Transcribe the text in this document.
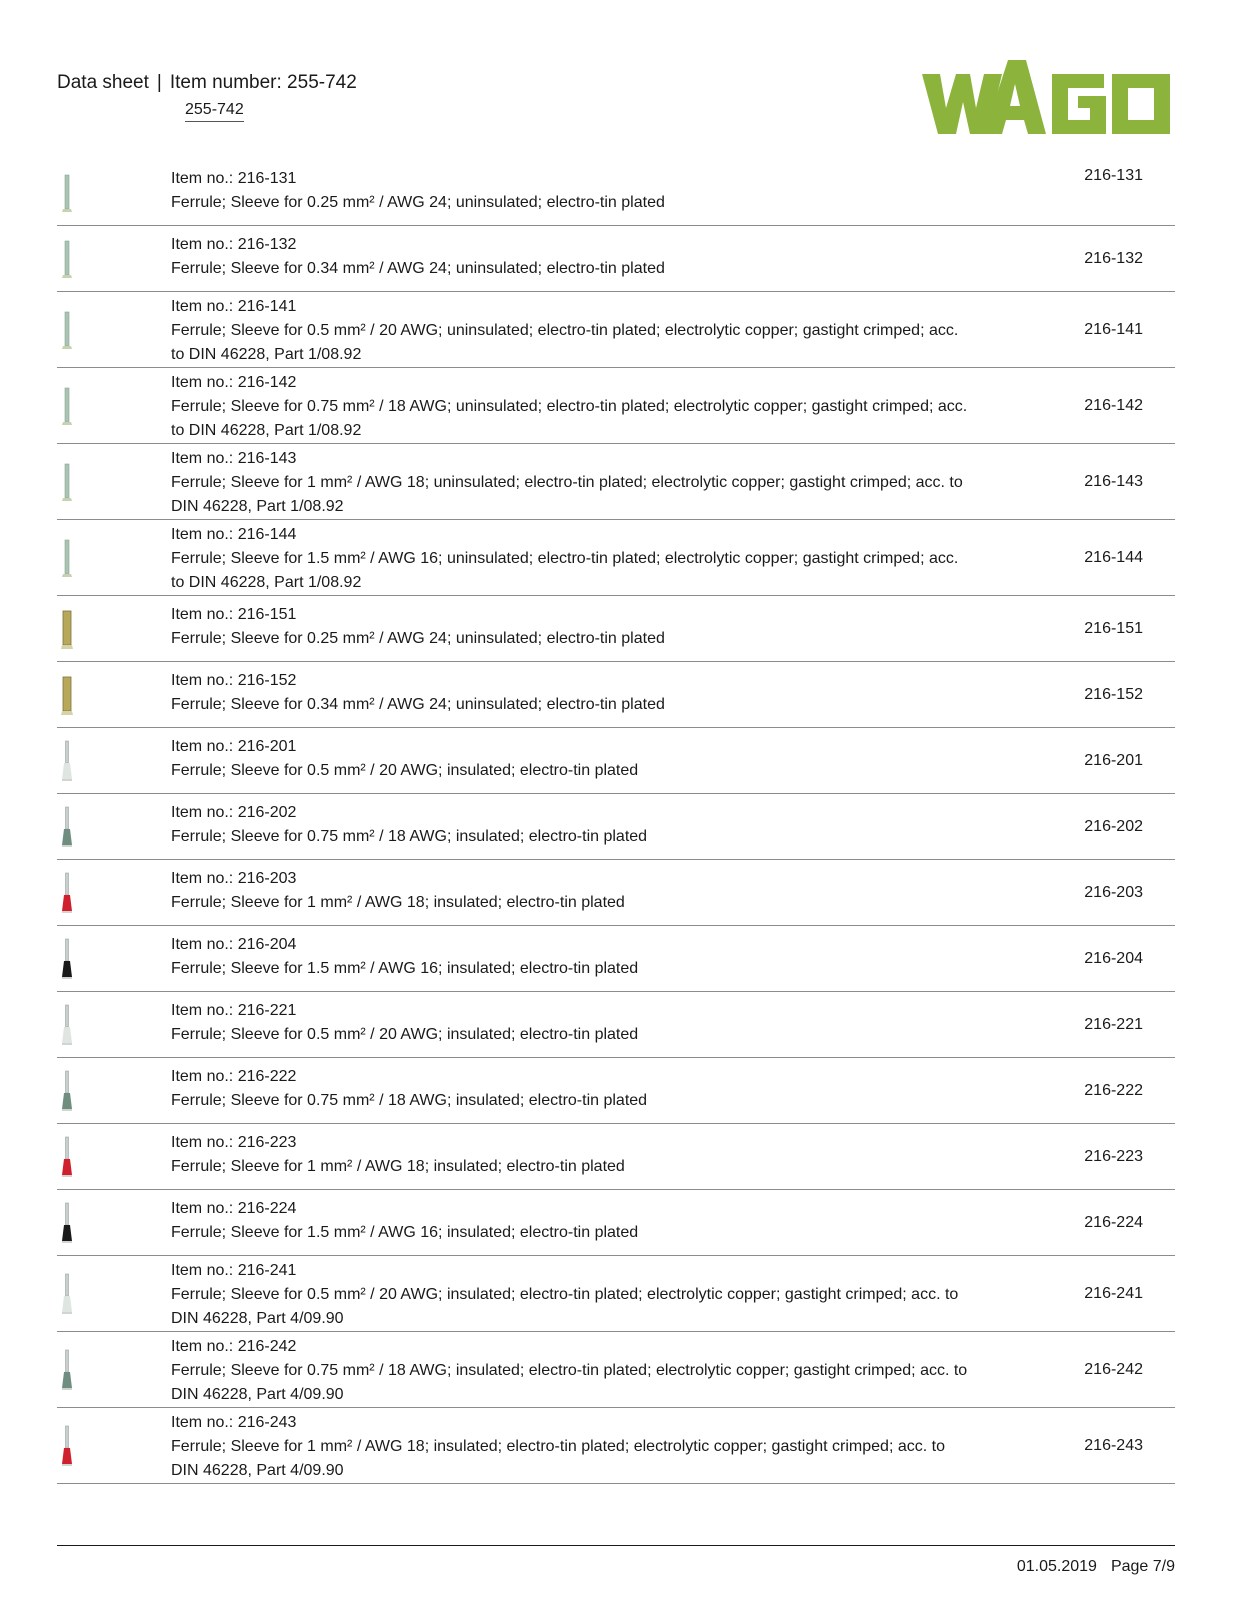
Data sheet | Item number: 255-742
255-742
WAGO
Item no.: 216-131
Ferrule; Sleeve for 0.25 mm² / AWG 24; uninsulated; electro-tin plated
216-131
Item no.: 216-132
Ferrule; Sleeve for 0.34 mm² / AWG 24; uninsulated; electro-tin plated
216-132
Item no.: 216-141
Ferrule; Sleeve for 0.5 mm² / 20 AWG; uninsulated; electro-tin plated; electrolytic copper; gastight crimped; acc. to DIN 46228, Part 1/08.92
216-141
Item no.: 216-142
Ferrule; Sleeve for 0.75 mm² / 18 AWG; uninsulated; electro-tin plated; electrolytic copper; gastight crimped; acc. to DIN 46228, Part 1/08.92
216-142
Item no.: 216-143
Ferrule; Sleeve for 1 mm² / AWG 18; uninsulated; electro-tin plated; electrolytic copper; gastight crimped; acc. to DIN 46228, Part 1/08.92
216-143
Item no.: 216-144
Ferrule; Sleeve for 1.5 mm² / AWG 16; uninsulated; electro-tin plated; electrolytic copper; gastight crimped; acc. to DIN 46228, Part 1/08.92
216-144
Item no.: 216-151
Ferrule; Sleeve for 0.25 mm² / AWG 24; uninsulated; electro-tin plated
216-151
Item no.: 216-152
Ferrule; Sleeve for 0.34 mm² / AWG 24; uninsulated; electro-tin plated
216-152
Item no.: 216-201
Ferrule; Sleeve for 0.5 mm² / 20 AWG; insulated; electro-tin plated
216-201
Item no.: 216-202
Ferrule; Sleeve for 0.75 mm² / 18 AWG; insulated; electro-tin plated
216-202
Item no.: 216-203
Ferrule; Sleeve for 1 mm² / AWG 18; insulated; electro-tin plated
216-203
Item no.: 216-204
Ferrule; Sleeve for 1.5 mm² / AWG 16; insulated; electro-tin plated
216-204
Item no.: 216-221
Ferrule; Sleeve for 0.5 mm² / 20 AWG; insulated; electro-tin plated
216-221
Item no.: 216-222
Ferrule; Sleeve for 0.75 mm² / 18 AWG; insulated; electro-tin plated
216-222
Item no.: 216-223
Ferrule; Sleeve for 1 mm² / AWG 18; insulated; electro-tin plated
216-223
Item no.: 216-224
Ferrule; Sleeve for 1.5 mm² / AWG 16; insulated; electro-tin plated
216-224
Item no.: 216-241
Ferrule; Sleeve for 0.5 mm² / 20 AWG; insulated; electro-tin plated; electrolytic copper; gastight crimped; acc. to DIN 46228, Part 4/09.90
216-241
Item no.: 216-242
Ferrule; Sleeve for 0.75 mm² / 18 AWG; insulated; electro-tin plated; electrolytic copper; gastight crimped; acc. to DIN 46228, Part 4/09.90
216-242
Item no.: 216-243
Ferrule; Sleeve for 1 mm² / AWG 18; insulated; electro-tin plated; electrolytic copper; gastight crimped; acc. to DIN 46228, Part 4/09.90
216-243
01.05.2019 Page 7/9
